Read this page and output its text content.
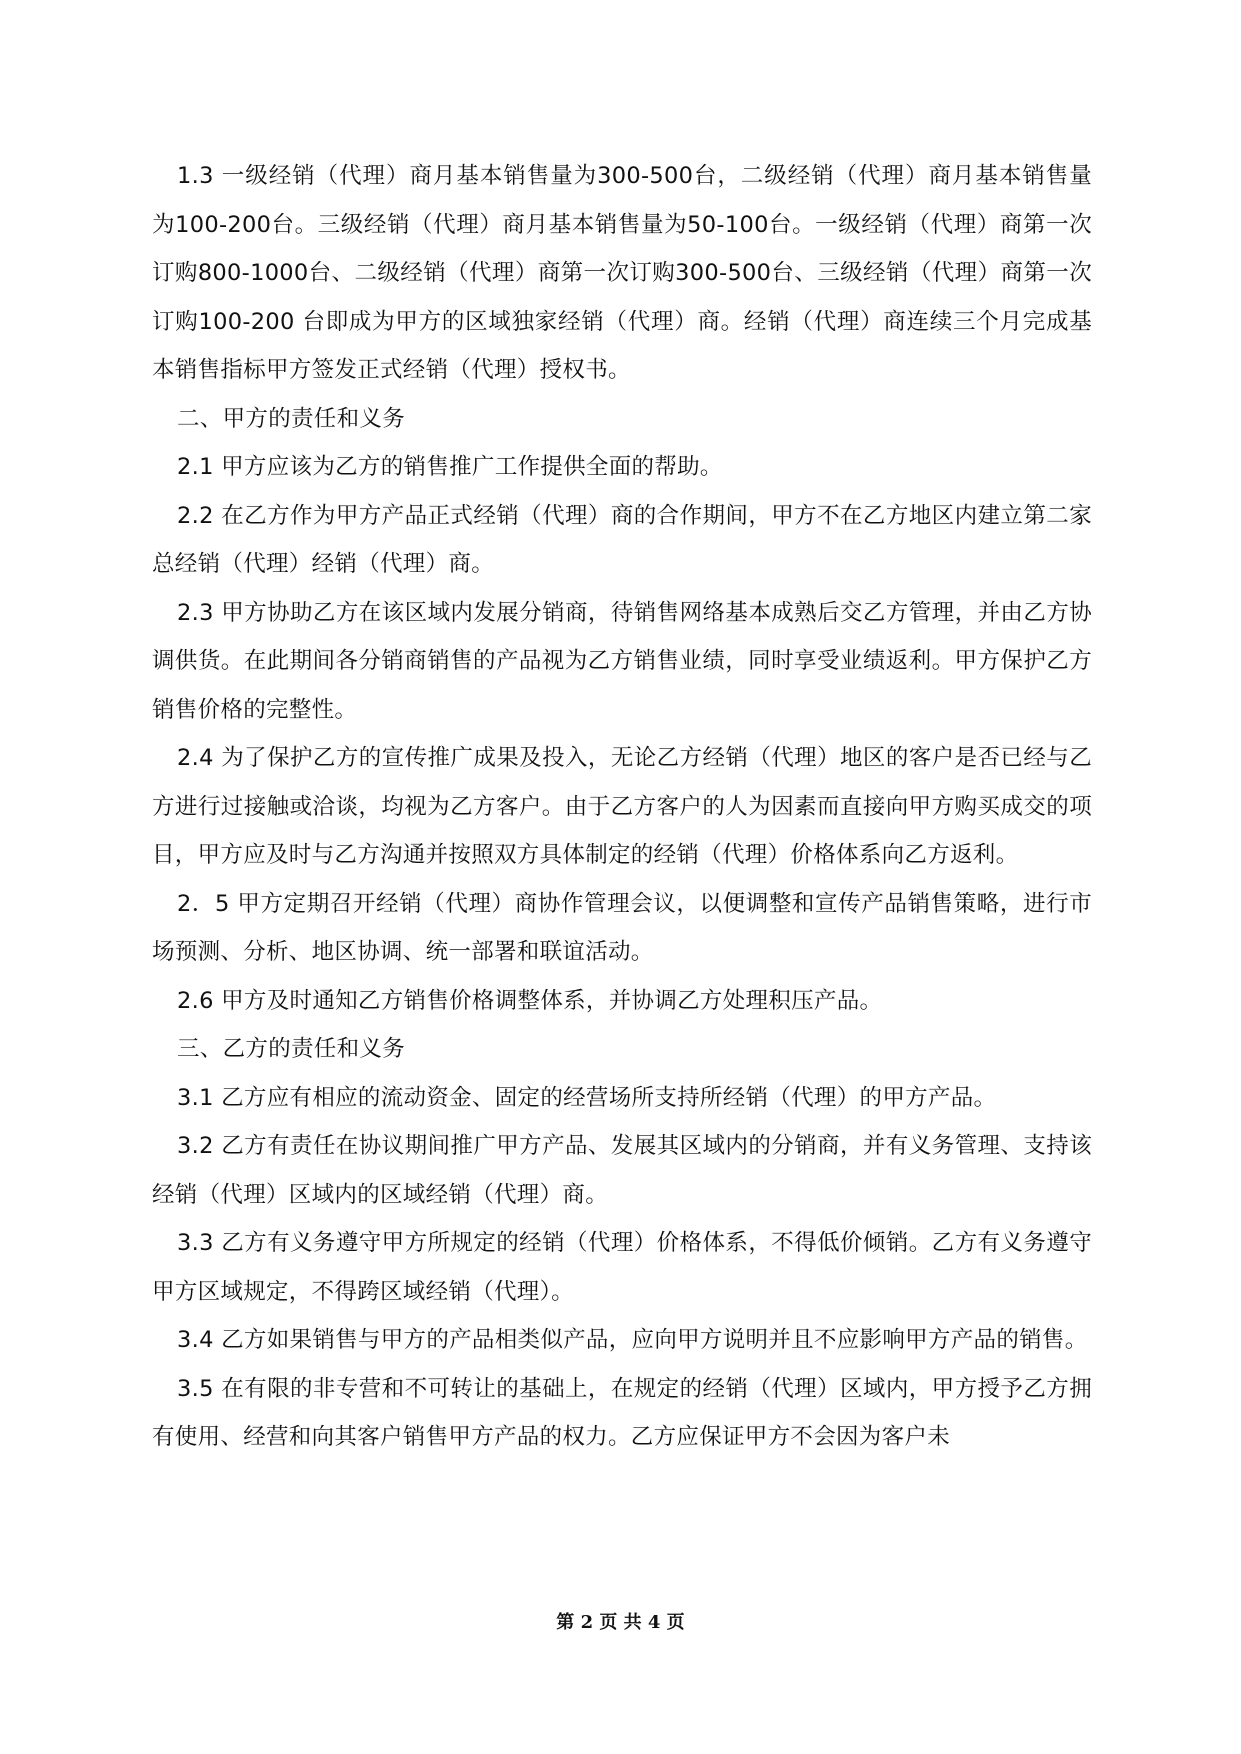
1.3 一级经销（代理）商月基本销售量为300-500台，二级经销（代理）商月基本销售量为100-200台。三级经销（代理）商月基本销售量为50-100台。一级经销（代理）商第一次订购800-1000台、二级经销（代理）商第一次订购300-500台、三级经销（代理）商第一次订购100-200 台即成为甲方的区域独家经销（代理）商。经销（代理）商连续三个月完成基本销售指标甲方签发正式经销（代理）授权书。

二、甲方的责任和义务

2.1 甲方应该为乙方的销售推广工作提供全面的帮助。

2.2 在乙方作为甲方产品正式经销（代理）商的合作期间，甲方不在乙方地区内建立第二家总经销（代理）经销（代理）商。

2.3 甲方协助乙方在该区域内发展分销商，待销售网络基本成熟后交乙方管理，并由乙方协调供货。在此期间各分销商销售的产品视为乙方销售业绩，同时享受业绩返利。甲方保护乙方销售价格的完整性。

2.4 为了保护乙方的宣传推广成果及投入，无论乙方经销（代理）地区的客户是否已经与乙方进行过接触或洽谈，均视为乙方客户。由于乙方客户的人为因素而直接向甲方购买成交的项目，甲方应及时与乙方沟通并按照双方具体制定的经销（代理）价格体系向乙方返利。

2．5 甲方定期召开经销（代理）商协作管理会议，以便调整和宣传产品销售策略，进行市场预测、分析、地区协调、统一部署和联谊活动。

2.6 甲方及时通知乙方销售价格调整体系，并协调乙方处理积压产品。

三、乙方的责任和义务

3.1 乙方应有相应的流动资金、固定的经营场所支持所经销（代理）的甲方产品。

3.2 乙方有责任在协议期间推广甲方产品、发展其区域内的分销商，并有义务管理、支持该经销（代理）区域内的区域经销（代理）商。

3.3 乙方有义务遵守甲方所规定的经销（代理）价格体系，不得低价倾销。乙方有义务遵守甲方区域规定，不得跨区域经销（代理）。

3.4 乙方如果销售与甲方的产品相类似产品，应向甲方说明并且不应影响甲方产品的销售。

3.5 在有限的非专营和不可转让的基础上，在规定的经销（代理）区域内，甲方授予乙方拥有使用、经营和向其客户销售甲方产品的权力。乙方应保证甲方不会因为客户未

第 2 页 共 4 页
